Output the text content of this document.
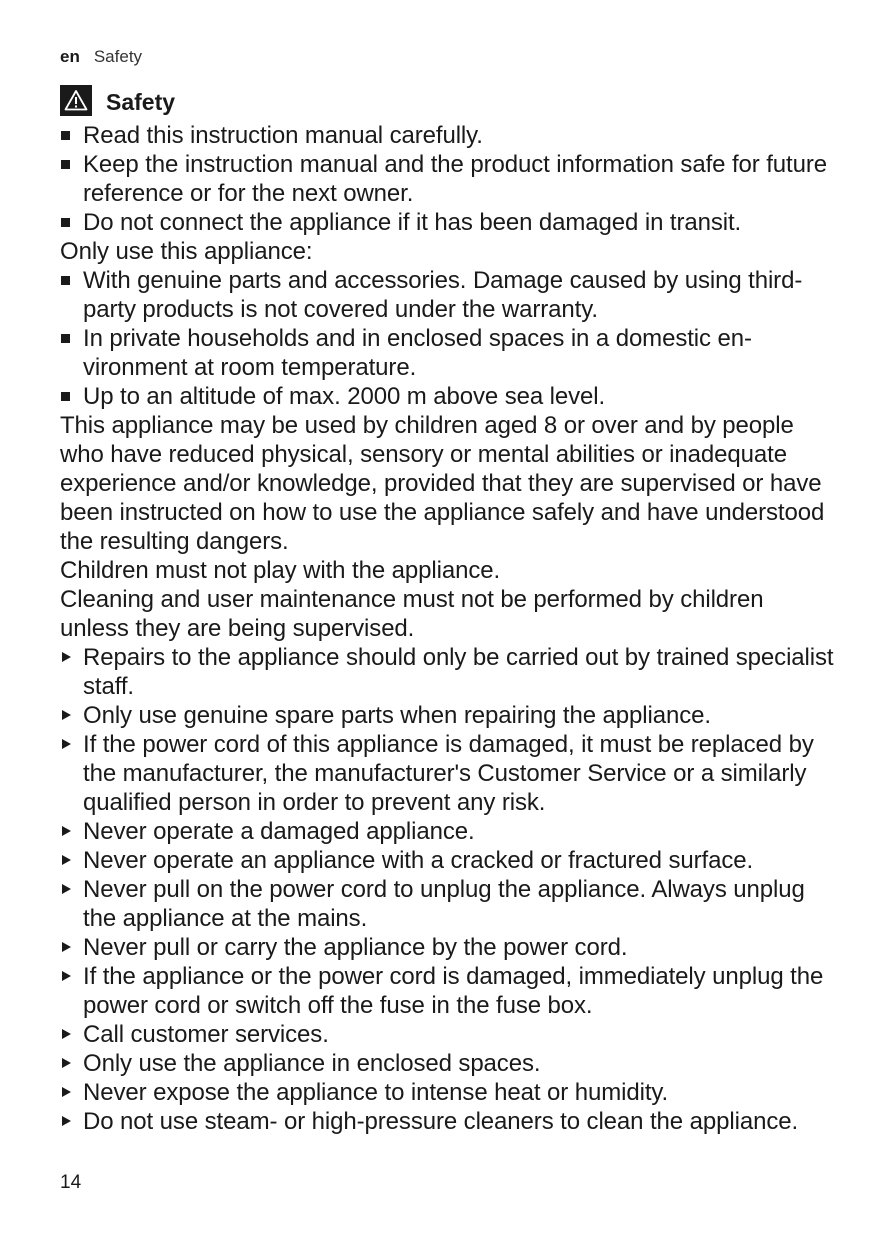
en Safety
Safety
Read this instruction manual carefully.
Keep the instruction manual and the product information safe for future reference or for the next owner.
Do not connect the appliance if it has been damaged in transit.

Only use this appliance:

With genuine parts and accessories. Damage caused by using third-party products is not covered under the warranty.
In private households and in enclosed spaces in a domestic environment at room temperature.
Up to an altitude of max. 2000 m above sea level.

This appliance may be used by children aged 8 or over and by people who have reduced physical, sensory or mental abilities or inadequate experience and/or knowledge, provided that they are supervised or have been instructed on how to use the appliance safely and have understood the resulting dangers.

Children must not play with the appliance.

Cleaning and user maintenance must not be performed by children unless they are being supervised.

Repairs to the appliance should only be carried out by trained specialist staff.
Only use genuine spare parts when repairing the appliance.
If the power cord of this appliance is damaged, it must be replaced by the manufacturer, the manufacturer's Customer Service or a similarly qualified person in order to prevent any risk.
Never operate a damaged appliance.
Never operate an appliance with a cracked or fractured surface.
Never pull on the power cord to unplug the appliance. Always unplug the appliance at the mains.
Never pull or carry the appliance by the power cord.
If the appliance or the power cord is damaged, immediately unplug the power cord or switch off the fuse in the fuse box.
Call customer services.
Only use the appliance in enclosed spaces.
Never expose the appliance to intense heat or humidity.
Do not use steam- or high-pressure cleaners to clean the appliance.
14
